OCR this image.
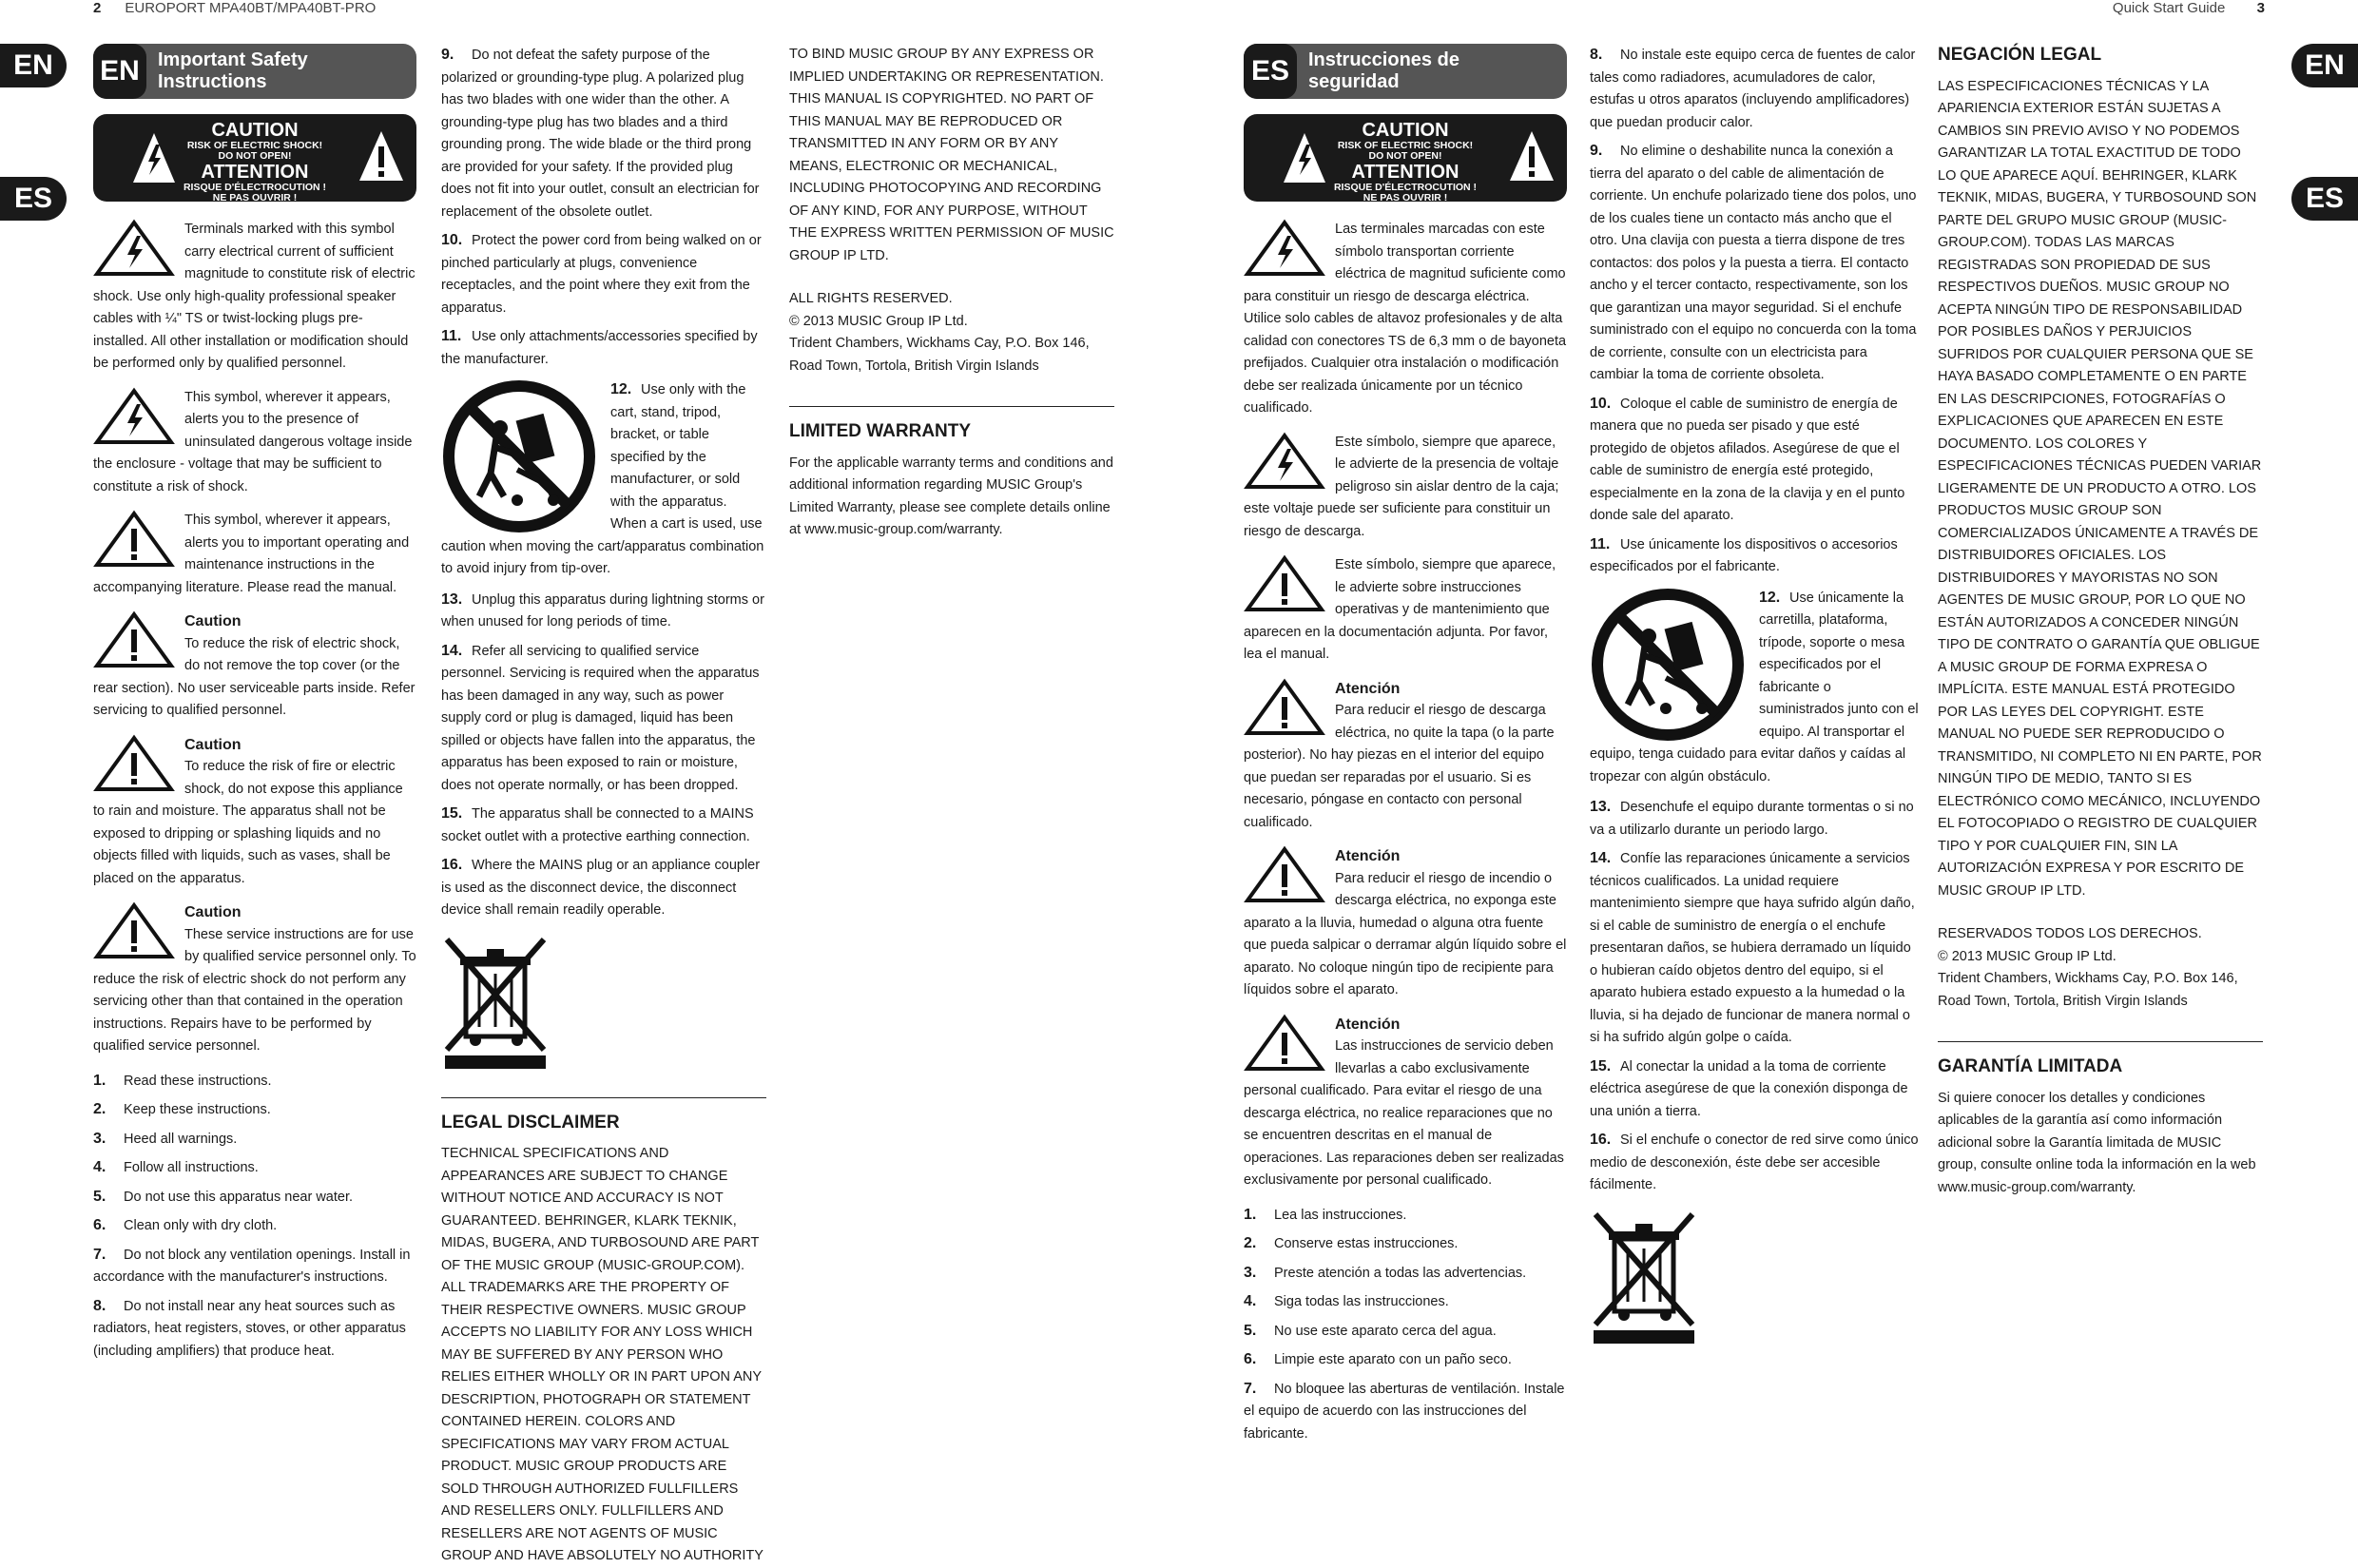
2 EUROPORT MPA40BT/MPA40BT-PRO	Quick Start Guide 3
EN
ES
EN
ES
EN Important Safety
Instructions
CAUTION
RISK OF ELECTRIC SHOCK!
DO NOT OPEN!
ATTENTION
RISQUE D'ÉLECTROCUTION !
NE PAS OUVRIR !
Terminals marked with this symbol carry electrical current of sufficient magnitude to constitute risk of electric shock. Use only high-quality professional speaker cables with ¼" TS or twist-locking plugs pre-installed. All other installation or modification should be performed only by qualified personnel.
This symbol, wherever it appears, alerts you to the presence of uninsulated dangerous voltage inside the enclosure - voltage that may be sufficient to constitute a risk of shock.
This symbol, wherever it appears, alerts you to important operating and maintenance instructions in the accompanying literature. Please read the manual.
Caution
To reduce the risk of electric shock, do not remove the top cover (or the rear section). No user serviceable parts inside. Refer servicing to qualified personnel.
Caution
To reduce the risk of fire or electric shock, do not expose this appliance to rain and moisture. The apparatus shall not be exposed to dripping or splashing liquids and no objects filled with liquids, such as vases, shall be placed on the apparatus.
Caution
These service instructions are for use by qualified service personnel only. To reduce the risk of electric shock do not perform any servicing other than that contained in the operation instructions. Repairs have to be performed by qualified service personnel.
1. Read these instructions.
2. Keep these instructions.
3. Heed all warnings.
4. Follow all instructions.
5. Do not use this apparatus near water.
6. Clean only with dry cloth.
7. Do not block any ventilation openings. Install in accordance with the manufacturer's instructions.
8. Do not install near any heat sources such as radiators, heat registers, stoves, or other apparatus (including amplifiers) that produce heat.
9. Do not defeat the safety purpose of the polarized or grounding-type plug. A polarized plug has two blades with one wider than the other. A grounding-type plug has two blades and a third grounding prong. The wide blade or the third prong are provided for your safety. If the provided plug does not fit into your outlet, consult an electrician for replacement of the obsolete outlet.
10. Protect the power cord from being walked on or pinched particularly at plugs, convenience receptacles, and the point where they exit from the apparatus.
11. Use only attachments/accessories specified by the manufacturer.
12. Use only with the cart, stand, tripod, bracket, or table specified by the manufacturer, or sold with the apparatus. When a cart is used, use caution when moving the cart/apparatus combination to avoid injury from tip-over.
13. Unplug this apparatus during lightning storms or when unused for long periods of time.
14. Refer all servicing to qualified service personnel. Servicing is required when the apparatus has been damaged in any way, such as power supply cord or plug is damaged, liquid has been spilled or objects have fallen into the apparatus, the apparatus has been exposed to rain or moisture, does not operate normally, or has been dropped.
15. The apparatus shall be connected to a MAINS socket outlet with a protective earthing connection.
16. Where the MAINS plug or an appliance coupler is used as the disconnect device, the disconnect device shall remain readily operable.
LEGAL DISCLAIMER
TECHNICAL SPECIFICATIONS AND APPEARANCES ARE SUBJECT TO CHANGE WITHOUT NOTICE AND ACCURACY IS NOT GUARANTEED. BEHRINGER, KLARK TEKNIK, MIDAS, BUGERA, AND TURBOSOUND ARE PART OF THE MUSIC GROUP (MUSIC-GROUP.COM). ALL TRADEMARKS ARE THE PROPERTY OF THEIR RESPECTIVE OWNERS. MUSIC GROUP ACCEPTS NO LIABILITY FOR ANY LOSS WHICH MAY BE SUFFERED BY ANY PERSON WHO RELIES EITHER WHOLLY OR IN PART UPON ANY DESCRIPTION, PHOTOGRAPH OR STATEMENT CONTAINED HEREIN. COLORS AND SPECIFICATIONS MAY VARY FROM ACTUAL PRODUCT. MUSIC GROUP PRODUCTS ARE SOLD THROUGH AUTHORIZED FULLFILLERS AND RESELLERS ONLY. FULLFILLERS AND RESELLERS ARE NOT AGENTS OF MUSIC GROUP AND HAVE ABSOLUTELY NO AUTHORITY
TO BIND MUSIC GROUP BY ANY EXPRESS OR IMPLIED UNDERTAKING OR REPRESENTATION. THIS MANUAL IS COPYRIGHTED. NO PART OF THIS MANUAL MAY BE REPRODUCED OR TRANSMITTED IN ANY FORM OR BY ANY MEANS, ELECTRONIC OR MECHANICAL, INCLUDING PHOTOCOPYING AND RECORDING OF ANY KIND, FOR ANY PURPOSE, WITHOUT THE EXPRESS WRITTEN PERMISSION OF MUSIC GROUP IP LTD.
ALL RIGHTS RESERVED.
© 2013 MUSIC Group IP Ltd.
Trident Chambers, Wickhams Cay, P.O. Box 146,
Road Town, Tortola, British Virgin Islands
LIMITED WARRANTY
For the applicable warranty terms and conditions and additional information regarding MUSIC Group's Limited Warranty, please see complete details online at www.music-group.com/warranty.
ES Instrucciones de
seguridad
CAUTION
RISK OF ELECTRIC SHOCK!
DO NOT OPEN!
ATTENTION
RISQUE D'ÉLECTROCUTION !
NE PAS OUVRIR !
Las terminales marcadas con este símbolo transportan corriente eléctrica de magnitud suficiente como para constituir un riesgo de descarga eléctrica. Utilice solo cables de altavoz profesionales y de alta calidad con conectores TS de 6,3 mm o de bayoneta prefijados. Cualquier otra instalación o modificación debe ser realizada únicamente por un técnico cualificado.
Este símbolo, siempre que aparece, le advierte de la presencia de voltaje peligroso sin aislar dentro de la caja; este voltaje puede ser suficiente para constituir un riesgo de descarga.
Este símbolo, siempre que aparece, le advierte sobre instrucciones operativas y de mantenimiento que aparecen en la documentación adjunta. Por favor, lea el manual.
Atención
Para reducir el riesgo de descarga eléctrica, no quite la tapa (o la parte posterior). No hay piezas en el interior del equipo que puedan ser reparadas por el usuario. Si es necesario, póngase en contacto con personal cualificado.
Atención
Para reducir el riesgo de incendio o descarga eléctrica, no exponga este aparato a la lluvia, humedad o alguna otra fuente que pueda salpicar o derramar algún líquido sobre el aparato. No coloque ningún tipo de recipiente para líquidos sobre el aparato.
Atención
Las instrucciones de servicio deben llevarlas a cabo exclusivamente personal cualificado. Para evitar el riesgo de una descarga eléctrica, no realice reparaciones que no se encuentren descritas en el manual de operaciones. Las reparaciones deben ser realizadas exclusivamente por personal cualificado.
1. Lea las instrucciones.
2. Conserve estas instrucciones.
3. Preste atención a todas las advertencias.
4. Siga todas las instrucciones.
5. No use este aparato cerca del agua.
6. Limpie este aparato con un paño seco.
7. No bloquee las aberturas de ventilación. Instale el equipo de acuerdo con las instrucciones del fabricante.
8. No instale este equipo cerca de fuentes de calor tales como radiadores, acumuladores de calor, estufas u otros aparatos (incluyendo amplificadores) que puedan producir calor.
9. No elimine o deshabilite nunca la conexión a tierra del aparato o del cable de alimentación de corriente. Un enchufe polarizado tiene dos polos, uno de los cuales tiene un contacto más ancho que el otro. Una clavija con puesta a tierra dispone de tres contactos: dos polos y la puesta a tierra. El contacto ancho y el tercer contacto, respectivamente, son los que garantizan una mayor seguridad. Si el enchufe suministrado con el equipo no concuerda con la toma de corriente, consulte con un electricista para cambiar la toma de corriente obsoleta.
10. Coloque el cable de suministro de energía de manera que no pueda ser pisado y que esté protegido de objetos afilados. Asegúrese de que el cable de suministro de energía esté protegido, especialmente en la zona de la clavija y en el punto donde sale del aparato.
11. Use únicamente los dispositivos o accesorios especificados por el fabricante.
12. Use únicamente la carretilla, plataforma, trípode, soporte o mesa especificados por el fabricante o suministrados junto con el equipo. Al transportar el equipo, tenga cuidado para evitar daños y caídas al tropezar con algún obstáculo.
13. Desenchufe el equipo durante tormentas o si no va a utilizarlo durante un periodo largo.
14. Confíe las reparaciones únicamente a servicios técnicos cualificados. La unidad requiere mantenimiento siempre que haya sufrido algún daño, si el cable de suministro de energía o el enchufe presentaran daños, se hubiera derramado un líquido o hubieran caído objetos dentro del equipo, si el aparato hubiera estado expuesto a la humedad o la lluvia, si ha dejado de funcionar de manera normal o si ha sufrido algún golpe o caída.
15. Al conectar la unidad a la toma de corriente eléctrica asegúrese de que la conexión disponga de una unión a tierra.
16. Si el enchufe o conector de red sirve como único medio de desconexión, éste debe ser accesible fácilmente.
NEGACIÓN LEGAL
LAS ESPECIFICACIONES TÉCNICAS Y LA APARIENCIA EXTERIOR ESTÁN SUJETAS A CAMBIOS SIN PREVIO AVISO Y NO PODEMOS GARANTIZAR LA TOTAL EXACTITUD DE TODO LO QUE APARECE AQUÍ. BEHRINGER, KLARK TEKNIK, MIDAS, BUGERA, Y TURBOSOUND SON PARTE DEL GRUPO MUSIC GROUP (MUSIC-GROUP.COM). TODAS LAS MARCAS REGISTRADAS SON PROPIEDAD DE SUS RESPECTIVOS DUEÑOS. MUSIC GROUP NO ACEPTA NINGÚN TIPO DE RESPONSABILIDAD POR POSIBLES DAÑOS Y PERJUICIOS SUFRIDOS POR CUALQUIER PERSONA QUE SE HAYA BASADO COMPLETAMENTE O EN PARTE EN LAS DESCRIPCIONES, FOTOGRAFÍAS O EXPLICACIONES QUE APARECEN EN ESTE DOCUMENTO. LOS COLORES Y ESPECIFICACIONES TÉCNICAS PUEDEN VARIAR LIGERAMENTE DE UN PRODUCTO A OTRO. LOS PRODUCTOS MUSIC GROUP SON COMERCIALIZADOS ÚNICAMENTE A TRAVÉS DE DISTRIBUIDORES OFICIALES. LOS DISTRIBUIDORES Y MAYORISTAS NO SON AGENTES DE MUSIC GROUP, POR LO QUE NO ESTÁN AUTORIZADOS A CONCEDER NINGÚN TIPO DE CONTRATO O GARANTÍA QUE OBLIGUE A MUSIC GROUP DE FORMA EXPRESA O IMPLÍCITA. ESTE MANUAL ESTÁ PROTEGIDO POR LAS LEYES DEL COPYRIGHT. ESTE MANUAL NO PUEDE SER REPRODUCIDO O TRANSMITIDO, NI COMPLETO NI EN PARTE, POR NINGÚN TIPO DE MEDIO, TANTO SI ES ELECTRÓNICO COMO MECÁNICO, INCLUYENDO EL FOTOCOPIADO O REGISTRO DE CUALQUIER TIPO Y POR CUALQUIER FIN, SIN LA AUTORIZACIÓN EXPRESA Y POR ESCRITO DE MUSIC GROUP IP LTD.
RESERVADOS TODOS LOS DERECHOS.
© 2013 MUSIC Group IP Ltd.
Trident Chambers, Wickhams Cay, P.O. Box 146,
Road Town, Tortola, British Virgin Islands
GARANTÍA LIMITADA
Si quiere conocer los detalles y condiciones aplicables de la garantía así como información adicional sobre la Garantía limitada de MUSIC group, consulte online toda la información en la web www.music-group.com/warranty.
